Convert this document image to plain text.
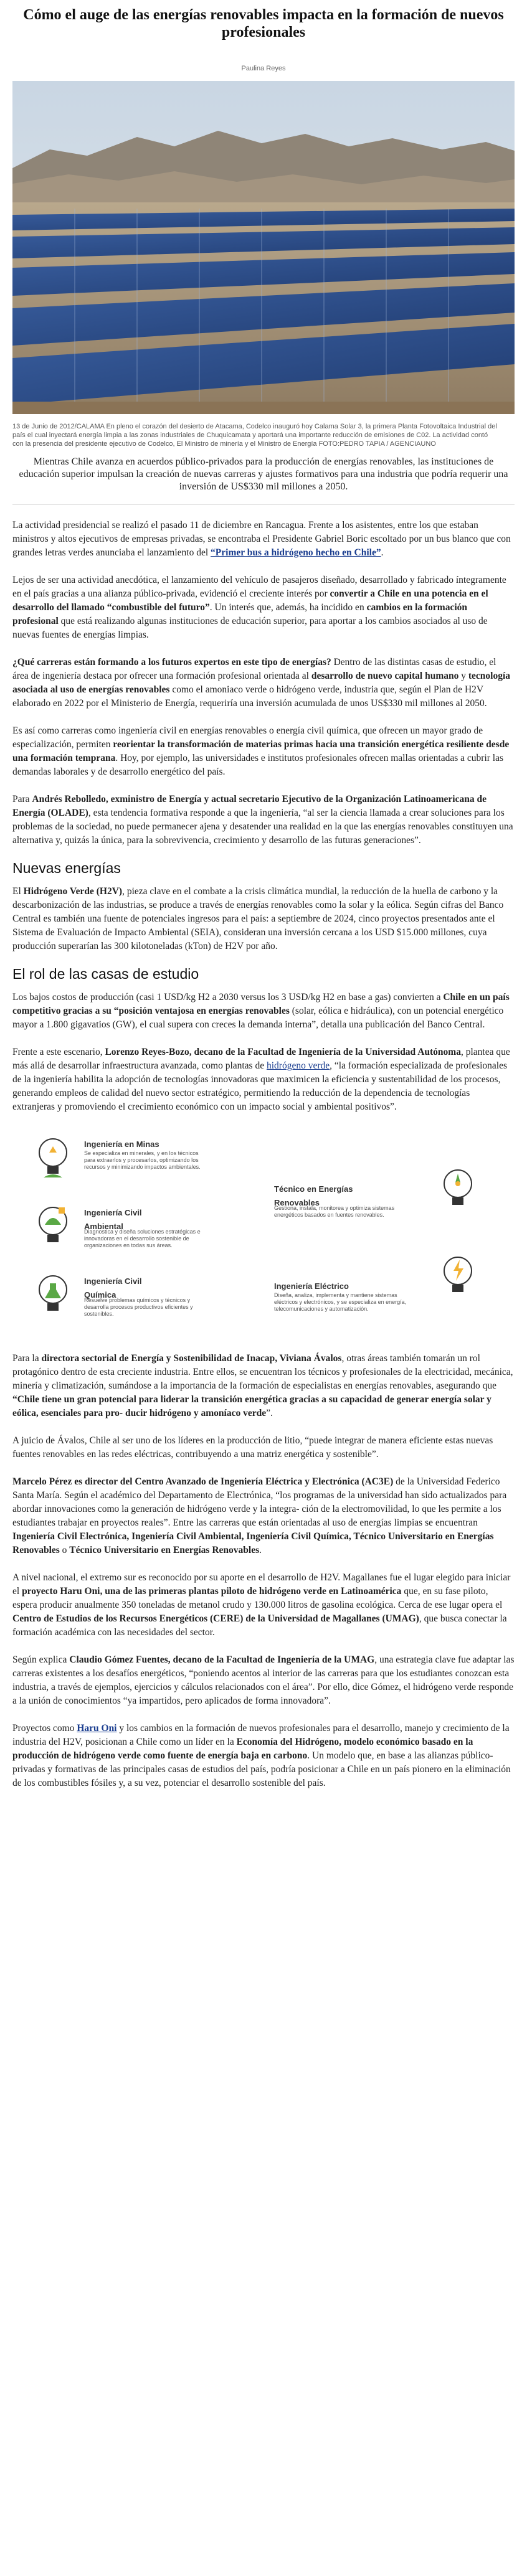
Cómo el auge de las energías renovables impacta en la formación de nuevos profesionales
Paulina Reyes
13 de Junio de 2012/CALAMA En pleno el corazón del desierto de Atacama, Codelco inauguró hoy Calama Solar 3, la primera Planta Fotovoltaica Industrial del país el cual inyectará energía limpia a las zonas industriales de Chuquicamata y aportará una importante reducción de emisiones de C02. La actividad contó con la presencia del presidente ejecutivo de Codelco, El Ministro de minería y el Ministro de Energía FOTO:PEDRO TAPIA / AGENCIAUNO
Mientras Chile avanza en acuerdos público-privados para la producción de energías renovables, las instituciones de educación superior impulsan la creación de nuevas carreras y ajustes formativos para una industria que podría requerir una inversión de US$330 mil millones a 2050.

La actividad presidencial se realizó el pasado 11 de diciembre en Rancagua. Frente a los asistentes, entre los que estaban ministros y altos ejecutivos de empresas privadas, se encontraba el Presidente Gabriel Boric escoltado por un bus blanco que con grandes letras verdes anunciaba el lanzamiento del “Primer bus a hidrógeno hecho en Chile”.

Lejos de ser una actividad anecdótica, el lanzamiento del vehículo de pasajeros diseñado, desarrollado y fabricado íntegramente en el país gracias a una alianza público-privada, evidenció el creciente interés por convertir a Chile en una potencia en el desarrollo del llamado “combustible del futuro”. Un interés que, además, ha incidido en cambios en la formación profesional que está realizando algunas instituciones de educación superior, para aportar a los cambios asociados al uso de nuevas fuentes de energías limpias.

¿Qué carreras están formando a los futuros expertos en este tipo de energías? Dentro de las distintas casas de estudio, el área de ingeniería destaca por ofrecer una formación profesional orientada al desarrollo de nuevo capital humano y tecnología asociada al uso de energías renovables como el amoniaco verde o hidrógeno verde, industria que, según el Plan de H2V elaborado en 2022 por el Ministerio de Energía, requeriría una inversión acumulada de unos US$330 mil millones al 2050.

Es así como carreras como ingeniería civil en energías renovables o energía civil química, que ofrecen un mayor grado de especialización, permiten reorientar la transformación de materias primas hacia una transición energética resiliente desde una formación temprana. Hoy, por ejemplo, las universidades e institutos profesionales ofrecen mallas orientadas a cubrir las demandas laborales y de desarrollo energético del país.

Para Andrés Rebolledo, exministro de Energía y actual secretario Ejecutivo de la Organización Latinoamericana de Energía (OLADE), esta tendencia formativa responde a que la ingeniería, “al ser la ciencia llamada a crear soluciones para los problemas de la sociedad, no puede permanecer ajena y desatender una realidad en la que las energías renovables constituyen una alternativa y, quizás la única, para la sobrevivencia, crecimiento y desarrollo de las futuras generaciones”.

Nuevas energías

El Hidrógeno Verde (H2V), pieza clave en el combate a la crisis climática mundial, la reducción de la huella de carbono y la descarbonización de las industrias, se produce a través de energías renovables como la solar y la eólica. Según cifras del Banco Central es también una fuente de potenciales ingresos para el país: a septiembre de 2024, cinco proyectos presentados ante el Sistema de Evaluación de Impacto Ambiental (SEIA), consideran una inversión cercana a los USD $15.000 millones, cuya producción superarían las 300 kilotoneladas (kTon) de H2V por año.

El rol de las casas de estudio

Los bajos costos de producción (casi 1 USD/kg H2 a 2030 versus los 3 USD/kg H2 en base a gas) convierten a Chile en un país competitivo gracias a su “posición ventajosa en energías renovables (solar, eólica e hidráulica), con un potencial energético mayor a 1.800 gigavatios (GW), el cual supera con creces la demanda interna”, detalla una publicación del Banco Central.

Frente a este escenario, Lorenzo Reyes-Bozo, decano de la Facultad de Ingeniería de la Universidad Autónoma, plantea que más allá de desarrollar infraestructura avanzada, como plantas de hidrógeno verde, “la formación especializada de profesionales de la ingeniería habilita la adopción de tecnologías innovadoras que maximicen la eficiencia y sustentabilidad de los procesos, generando empleos de calidad del nuevo sector estratégico, permitiendo la reducción de la dependencia de tecnologías extranjeras y promoviendo el crecimiento económico con un impacto social y ambiental positivos”.

Ingeniería en Minas
Se especializa en minerales, y en los técnicos para extraerlos y procesarlos, optimizando los recursos y minimizando impactos ambientales.
Ingeniería Civil Ambiental
Diagnostica y diseña soluciones estratégicas e innovadoras en el desarrollo sostenible de organizaciones en todas sus áreas.
Ingeniería Civil Química
Resuelve problemas químicos y técnicos y desarrolla procesos productivos eficientes y sostenibles.
Técnico en Energías Renovables
Gestiona, instala, monitorea y optimiza sistemas energéticos basados en fuentes renovables.
Ingeniería Eléctrico
Diseña, analiza, implementa y mantiene sistemas eléctricos y electrónicos, y se especializa en energía, telecomunicaciones y automatización.

Para la directora sectorial de Energía y Sostenibilidad de Inacap, Viviana Ávalos, otras áreas también tomarán un rol protagónico dentro de esta creciente industria. Entre ellos, se encuentran los técnicos y profesionales de la electricidad, mecánica, minería y climatización, sumándose a la importancia de la formación de especialistas en energías renovables, asegurando que “Chile tiene un gran potencial para liderar la transición energética gracias a su capacidad de generar energía solar y eólica, esenciales para pro- ducir hidrógeno y amoníaco verde”.

A juicio de Ávalos, Chile al ser uno de los líderes en la producción de litio, “puede integrar de manera eficiente estas nuevas fuentes renovables en las redes eléctricas, contribuyendo a una matriz energética y sostenible”.

Marcelo Pérez es director del Centro Avanzado de Ingeniería Eléctrica y Electrónica (AC3E) de la Universidad Federico Santa María. Según el académico del Departamento de Electrónica, “los programas de la universidad han sido actualizados para abordar innovaciones como la generación de hidrógeno verde y la integra- ción de la electromovilidad, lo que les permite a los estudiantes trabajar en proyectos reales”. Entre las carreras que están orientadas al uso de energías limpias se encuentran Ingeniería Civil Electrónica, Ingeniería Civil Ambiental, Ingeniería Civil Química, Técnico Universitario en Energías Renovables o Técnico Universitario en Energías Renovables.

A nivel nacional, el extremo sur es reconocido por su aporte en el desarrollo de H2V. Magallanes fue el lugar elegido para iniciar el proyecto Haru Oni, una de las primeras plantas piloto de hidrógeno verde en Latinoamérica que, en su fase piloto, espera producir anualmente 350 toneladas de metanol crudo y 130.000 litros de gasolina ecológica. Cerca de ese lugar opera el Centro de Estudios de los Recursos Energéticos (CERE) de la Universidad de Magallanes (UMAG), que busca conectar la formación académica con las necesidades del sector.

Según explica Claudio Gómez Fuentes, decano de la Facultad de Ingeniería de la UMAG, una estrategia clave fue adaptar las carreras existentes a los desafíos energéticos, “poniendo acentos al interior de las carreras para que los estudiantes conozcan esta industria, a través de ejemplos, ejercicios y cálculos relacionados con el área”. Por ello, dice Gómez, el hidrógeno verde responde a la unión de conocimientos “ya impartidos, pero aplicados de forma innovadora”.

Proyectos como Haru Oni y los cambios en la formación de nuevos profesionales para el desarrollo, manejo y crecimiento de la industria del H2V, posicionan a Chile como un líder en la Economía del Hidrógeno, modelo económico basado en la producción de hidrógeno verde como fuente de energía baja en carbono. Un modelo que, en base a las alianzas público-privadas y formativas de las principales casas de estudios del país, podría posicionar a Chile en un país pionero en la eliminación de los combustibles fósiles y, a su vez, potenciar el desarrollo sostenible del país.
